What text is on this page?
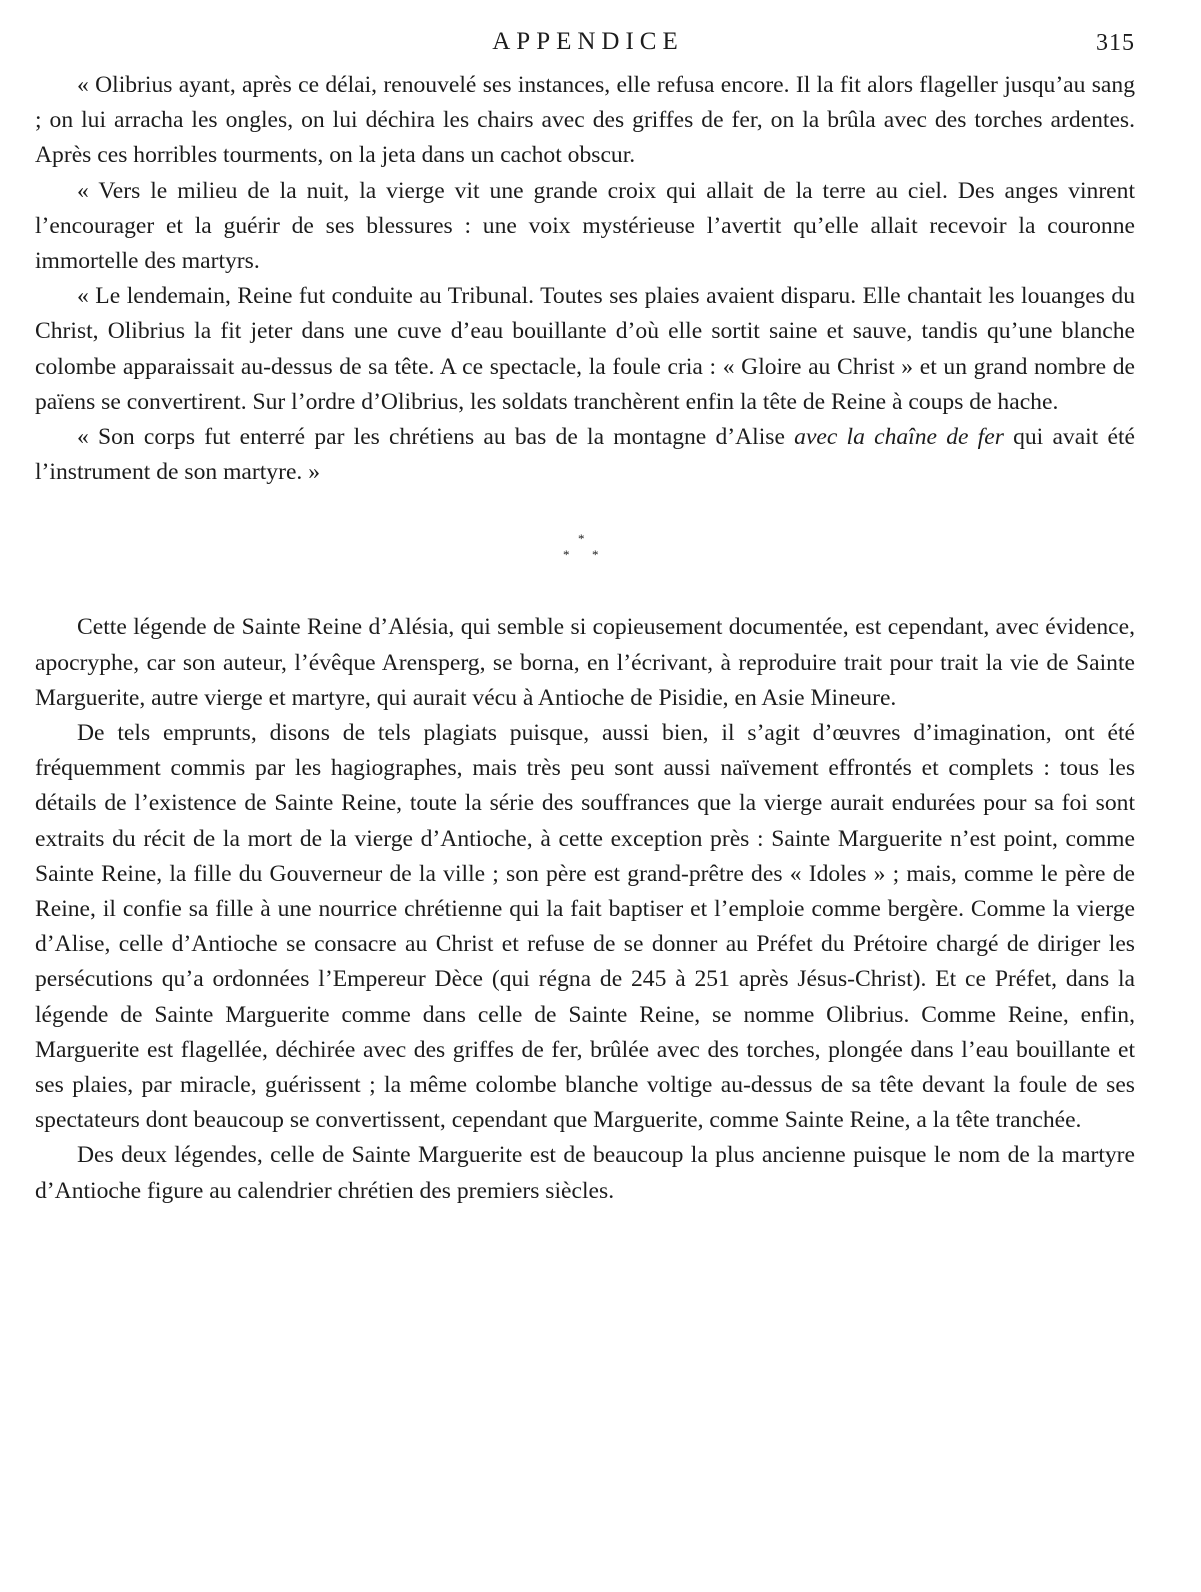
APPENDICE	315

« Olibrius ayant, après ce délai, renouvelé ses instances, elle refusa encore. Il la fit alors flageller jusqu’au sang ; on lui arracha les ongles, on lui déchira les chairs avec des griffes de fer, on la brûla avec des torches ardentes. Après ces horribles tourments, on la jeta dans un cachot obscur.

« Vers le milieu de la nuit, la vierge vit une grande croix qui allait de la terre au ciel. Des anges vinrent l’encourager et la guérir de ses blessures : une voix mystérieuse l’avertit qu’elle allait recevoir la couronne immortelle des martyrs.

« Le lendemain, Reine fut conduite au Tribunal. Toutes ses plaies avaient disparu. Elle chantait les louanges du Christ, Olibrius la fit jeter dans une cuve d’eau bouillante d’où elle sortit saine et sauve, tandis qu’une blanche colombe apparaissait au-dessus de sa tête. A ce spectacle, la foule cria : « Gloire au Christ » et un grand nombre de païens se convertirent. Sur l’ordre d’Olibrius, les soldats tranchèrent enfin la tête de Reine à coups de hache.

« Son corps fut enterré par les chrétiens au bas de la montagne d’Alise avec la chaîne de fer qui avait été l’instrument de son martyre. »

*
* *

Cette légende de Sainte Reine d’Alésia, qui semble si copieusement documentée, est cependant, avec évidence, apocryphe, car son auteur, l’évêque Arensperg, se borna, en l’écrivant, à reproduire trait pour trait la vie de Sainte Marguerite, autre vierge et martyre, qui aurait vécu à Antioche de Pisidie, en Asie Mineure.

De tels emprunts, disons de tels plagiats puisque, aussi bien, il s’agit d’œuvres d’imagination, ont été fréquemment commis par les hagiographes, mais très peu sont aussi naïvement effrontés et complets : tous les détails de l’existence de Sainte Reine, toute la série des souffrances que la vierge aurait endurées pour sa foi sont extraits du récit de la mort de la vierge d’Antioche, à cette exception près : Sainte Marguerite n’est point, comme Sainte Reine, la fille du Gouverneur de la ville ; son père est grand-prêtre des « Idoles » ; mais, comme le père de Reine, il confie sa fille à une nourrice chrétienne qui la fait baptiser et l’emploie comme bergère. Comme la vierge d’Alise, celle d’Antioche se consacre au Christ et refuse de se donner au Préfet du Prétoire chargé de diriger les persécutions qu’a ordonnées l’Empereur Dèce (qui régna de 245 à 251 après Jésus-Christ). Et ce Préfet, dans la légende de Sainte Marguerite comme dans celle de Sainte Reine, se nomme Olibrius. Comme Reine, enfin, Marguerite est flagellée, déchirée avec des griffes de fer, brûlée avec des torches, plongée dans l’eau bouillante et ses plaies, par miracle, guérissent ; la même colombe blanche voltige au-dessus de sa tête devant la foule de ses spectateurs dont beaucoup se convertissent, cependant que Marguerite, comme Sainte Reine, a la tête tranchée.

Des deux légendes, celle de Sainte Marguerite est de beaucoup la plus ancienne puisque le nom de la martyre d’Antioche figure au calendrier chrétien des premiers siècles.
